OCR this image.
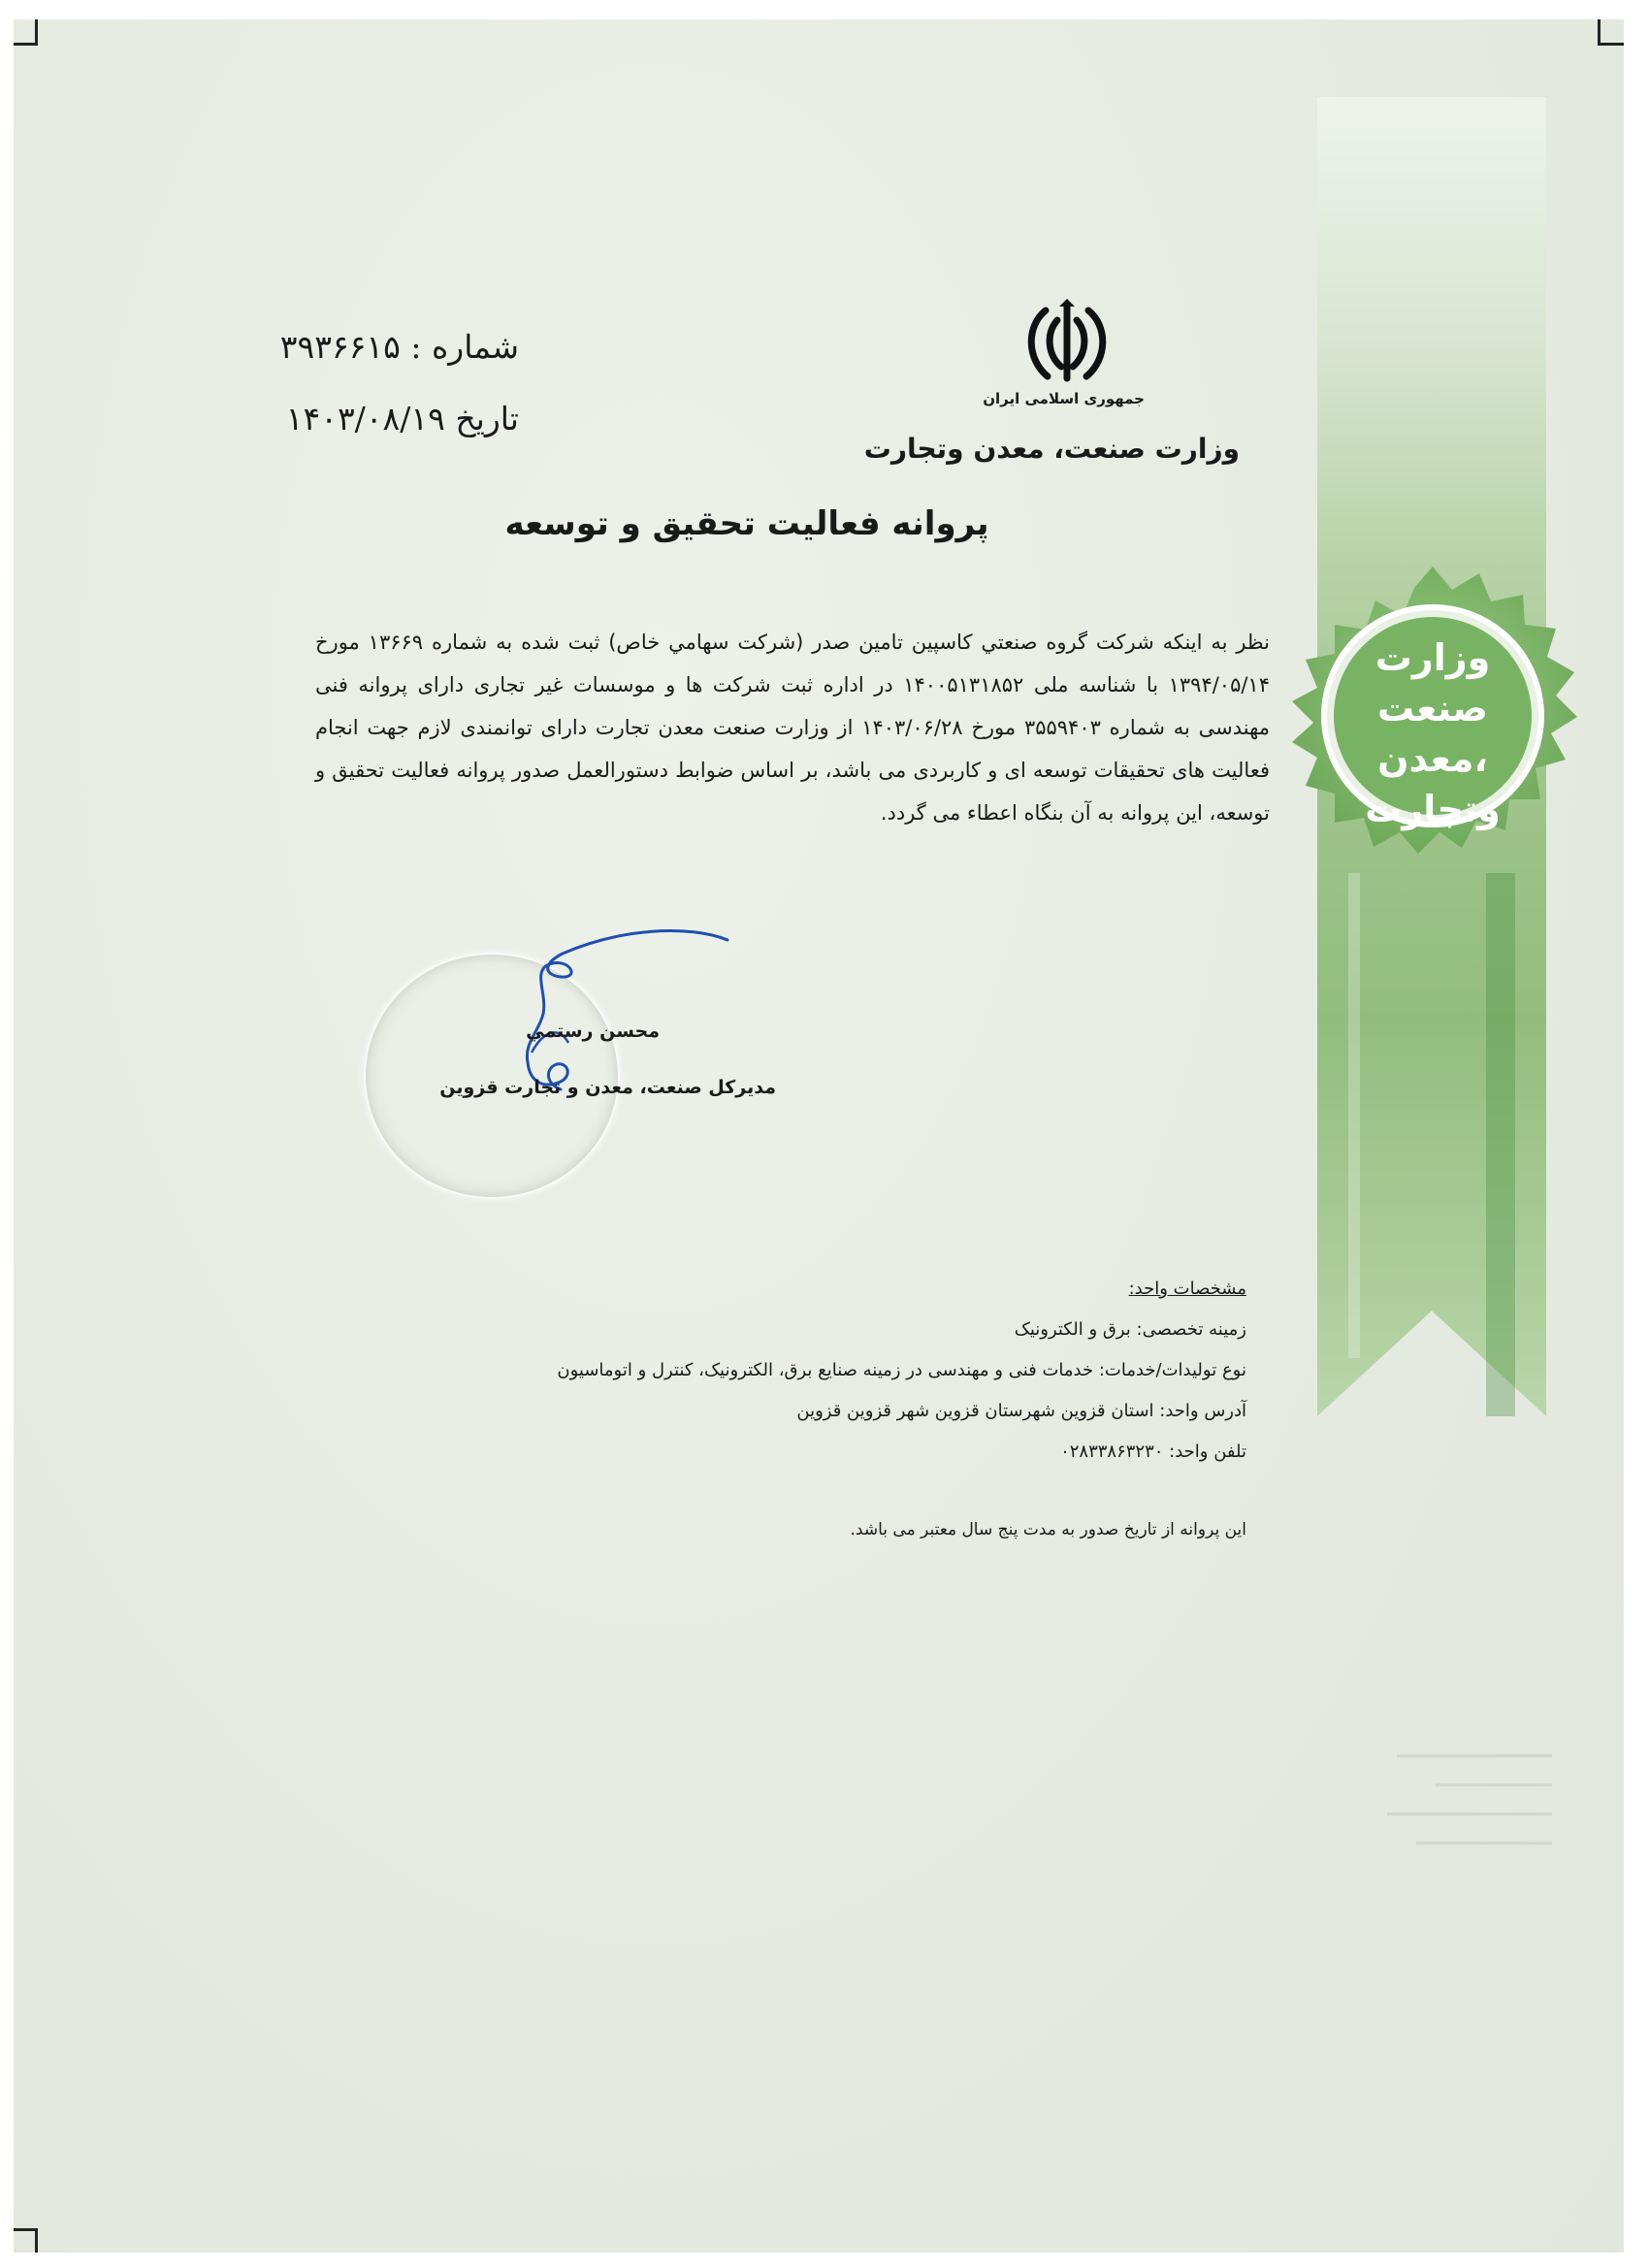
وزارت
صنعت ،معدن
وتجارت
جمهوری اسلامی ایران
وزارت صنعت، معدن وتجارت
شماره : ۳۹۳۶۶۱۵
تاریخ ۱۴۰۳/۰۸/۱۹
پروانه فعالیت تحقیق و توسعه
نظر به اینکه شرکت گروه صنعتي کاسپین تامین صدر (شرکت سهامي خاص) ثبت شده به شماره ۱۳۶۶۹ مورخ ۱۳۹۴/۰۵/۱۴ با شناسه ملی ۱۴۰۰۵۱۳۱۸۵۲ در اداره ثبت شرکت ها و موسسات غیر تجاری دارای پروانه فنی مهندسی به شماره ۳۵۵۹۴۰۳ مورخ ۱۴۰۳/۰۶/۲۸ از وزارت صنعت معدن تجارت دارای توانمندی لازم جهت انجام فعالیت های تحقیقات توسعه ای و کاربردی می باشد، بر اساس ضوابط دستورالعمل صدور پروانه فعالیت تحقیق و توسعه، این پروانه به آن بنگاه اعطاء می گردد.
محسن رستمي
مدیرکل صنعت، معدن و تجارت قزوین
مشخصات واحد:
زمینه تخصصی: برق و الکترونیک
نوع تولیدات/خدمات: خدمات فنی و مهندسی در زمینه صنایع برق، الکترونیک، کنترل و اتوماسیون
آدرس واحد: استان قزوین شهرستان قزوین شهر قزوین قزوین
تلفن واحد: ۰۲۸۳۳۸۶۳۲۳۰
این پروانه از تاریخ صدور به مدت پنج سال معتبر می باشد.
